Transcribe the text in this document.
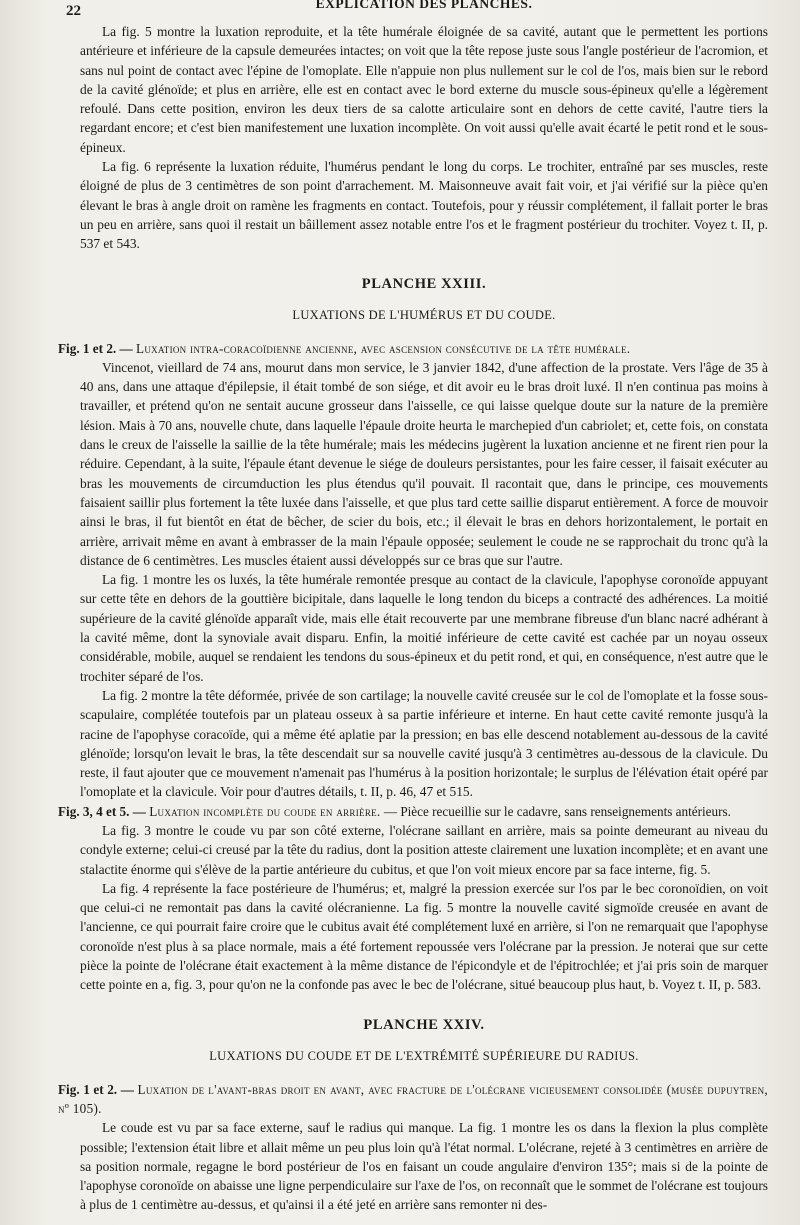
22	EXPLICATION DES PLANCHES.

La fig. 5 montre la luxation reproduite, et la tête humérale éloignée de sa cavité, autant que le permettent les portions antérieure et inférieure de la capsule demeurées intactes; on voit que la tête repose juste sous l'angle postérieur de l'acromion, et sans nul point de contact avec l'épine de l'omoplate. Elle n'appuie non plus nullement sur le col de l'os, mais bien sur le rebord de la cavité glénoïde; et plus en arrière, elle est en contact avec le bord externe du muscle sous-épineux qu'elle a légèrement refoulé. Dans cette position, environ les deux tiers de sa calotte articulaire sont en dehors de cette cavité, l'autre tiers la regardant encore; et c'est bien manifestement une luxation incomplète. On voit aussi qu'elle avait écarté le petit rond et le sous-épineux.

La fig. 6 représente la luxation réduite, l'humérus pendant le long du corps. Le trochiter, entraîné par ses muscles, reste éloigné de plus de 3 centimètres de son point d'arrachement. M. Maisonneuve avait fait voir, et j'ai vérifié sur la pièce qu'en élevant le bras à angle droit on ramène les fragments en contact. Toutefois, pour y réussir complétement, il fallait porter le bras un peu en arrière, sans quoi il restait un bâillement assez notable entre l'os et le fragment postérieur du trochiter. Voyez t. II, p. 537 et 543.

PLANCHE XXIII.
LUXATIONS DE L'HUMÉRUS ET DU COUDE.
Fig. 1 et 2. — Luxation intra-coracoïdienne ancienne, avec ascension consécutive de la tête humérale.

Vincenot, vieillard de 74 ans, mourut dans mon service, le 3 janvier 1842, d'une affection de la prostate. Vers l'âge de 35 à 40 ans, dans une attaque d'épilepsie, il était tombé de son siége, et dit avoir eu le bras droit luxé. Il n'en continua pas moins à travailler, et prétend qu'on ne sentait aucune grosseur dans l'aisselle, ce qui laisse quelque doute sur la nature de la première lésion. Mais à 70 ans, nouvelle chute, dans laquelle l'épaule droite heurta le marchepied d'un cabriolet; et, cette fois, on constata dans le creux de l'aisselle la saillie de la tête humérale; mais les médecins jugèrent la luxation ancienne et ne firent rien pour la réduire. Cependant, à la suite, l'épaule étant devenue le siége de douleurs persistantes, pour les faire cesser, il faisait exécuter au bras les mouvements de circumduction les plus étendus qu'il pouvait. Il racontait que, dans le principe, ces mouvements faisaient saillir plus fortement la tête luxée dans l'aisselle, et que plus tard cette saillie disparut entièrement. A force de mouvoir ainsi le bras, il fut bientôt en état de bêcher, de scier du bois, etc.; il élevait le bras en dehors horizontalement, le portait en arrière, arrivait même en avant à embrasser de la main l'épaule opposée; seulement le coude ne se rapprochait du tronc qu'à la distance de 6 centimètres. Les muscles étaient aussi développés sur ce bras que sur l'autre.

La fig. 1 montre les os luxés, la tête humérale remontée presque au contact de la clavicule, l'apophyse coronoïde appuyant sur cette tête en dehors de la gouttière bicipitale, dans laquelle le long tendon du biceps a contracté des adhérences. La moitié supérieure de la cavité glénoïde apparaît vide, mais elle était recouverte par une membrane fibreuse d'un blanc nacré adhérant à la cavité même, dont la synoviale avait disparu. Enfin, la moitié inférieure de cette cavité est cachée par un noyau osseux considérable, mobile, auquel se rendaient les tendons du sous-épineux et du petit rond, et qui, en conséquence, n'est autre que le trochiter séparé de l'os.

La fig. 2 montre la tête déformée, privée de son cartilage; la nouvelle cavité creusée sur le col de l'omoplate et la fosse sous-scapulaire, complétée toutefois par un plateau osseux à sa partie inférieure et interne. En haut cette cavité remonte jusqu'à la racine de l'apophyse coracoïde, qui a même été aplatie par la pression; en bas elle descend notablement au-dessous de la cavité glénoïde; lorsqu'on levait le bras, la tête descendait sur sa nouvelle cavité jusqu'à 3 centimètres au-dessous de la clavicule. Du reste, il faut ajouter que ce mouvement n'amenait pas l'humérus à la position horizontale; le surplus de l'élévation était opéré par l'omoplate et la clavicule. Voir pour d'autres détails, t. II, p. 46, 47 et 515.

Fig. 3, 4 et 5. — Luxation incomplète du coude en arrière. — Pièce recueillie sur le cadavre, sans renseignements antérieurs.

La fig. 3 montre le coude vu par son côté externe, l'olécrane saillant en arrière, mais sa pointe demeurant au niveau du condyle externe; celui-ci creusé par la tête du radius, dont la position atteste clairement une luxation incomplète; et en avant une stalactite énorme qui s'élève de la partie antérieure du cubitus, et que l'on voit mieux encore par sa face interne, fig. 5.

La fig. 4 représente la face postérieure de l'humérus; et, malgré la pression exercée sur l'os par le bec coronoïdien, on voit que celui-ci ne remontait pas dans la cavité olécranienne. La fig. 5 montre la nouvelle cavité sigmoïde creusée en avant de l'ancienne, ce qui pourrait faire croire que le cubitus avait été complétement luxé en arrière, si l'on ne remarquait que l'apophyse coronoïde n'est plus à sa place normale, mais a été fortement repoussée vers l'olécrane par la pression. Je noterai que sur cette pièce la pointe de l'olécrane était exactement à la même distance de l'épicondyle et de l'épitrochlée; et j'ai pris soin de marquer cette pointe en a, fig. 3, pour qu'on ne la confonde pas avec le bec de l'olécrane, situé beaucoup plus haut, b. Voyez t. II, p. 583.

PLANCHE XXIV.
LUXATIONS DU COUDE ET DE L'EXTRÉMITÉ SUPÉRIEURE DU RADIUS.
Fig. 1 et 2. — Luxation de l'avant-bras droit en avant, avec fracture de l'olécrane vicieusement consolidée (musée dupuytren, nº 105).

Le coude est vu par sa face externe, sauf le radius qui manque. La fig. 1 montre les os dans la flexion la plus complète possible; l'extension était libre et allait même un peu plus loin qu'à l'état normal. L'olécrane, rejeté à 3 centimètres en arrière de sa position normale, regagne le bord postérieur de l'os en faisant un coude angulaire d'environ 135°; mais si de la pointe de l'apophyse coronoïde on abaisse une ligne perpendiculaire sur l'axe de l'os, on reconnaît que le sommet de l'olécrane est toujours à plus de 1 centimètre au-dessus, et qu'ainsi il a été jeté en arrière sans remonter ni des-
